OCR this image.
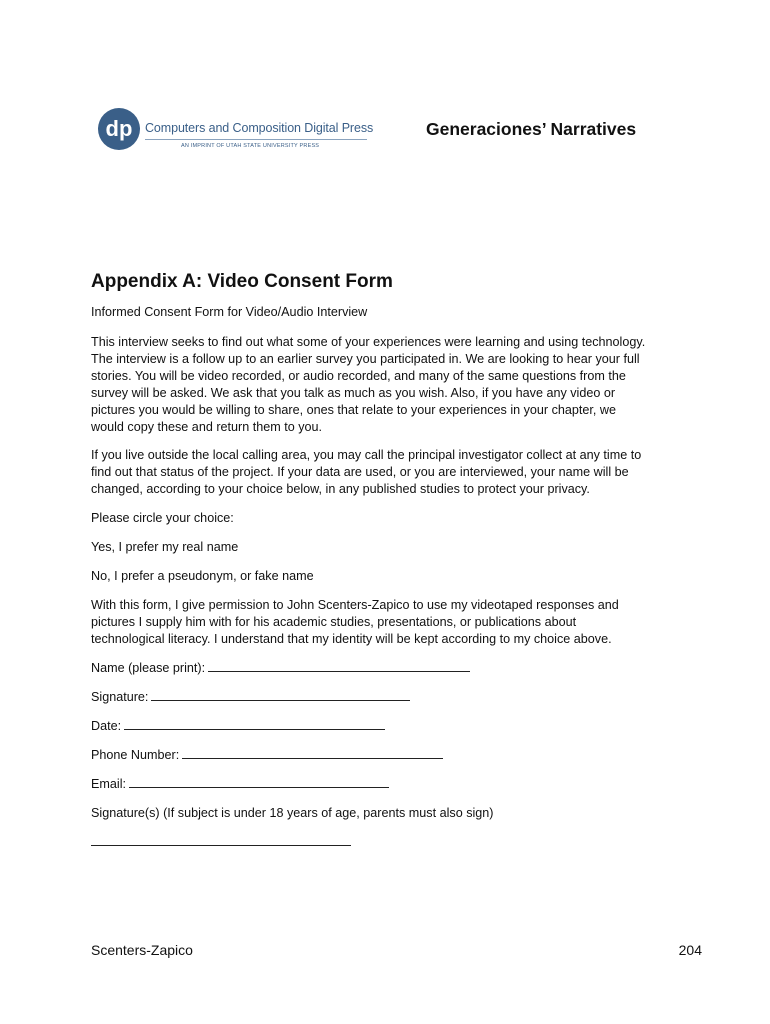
dp Computers and Composition Digital Press
AN IMPRINT OF UTAH STATE UNIVERSITY PRESS
Generaciones’ Narratives
Appendix A: Video Consent Form
Informed Consent Form for Video/Audio Interview
This interview seeks to find out what some of your experiences were learning and using technology.
The interview is a follow up to an earlier survey you participated in. We are looking to hear your full
stories. You will be video recorded, or audio recorded, and many of the same questions from the
survey will be asked. We ask that you talk as much as you wish. Also, if you have any video or
pictures you would be willing to share, ones that relate to your experiences in your chapter, we
would copy these and return them to you.
If you live outside the local calling area, you may call the principal investigator collect at any time to
find out that status of the project. If your data are used, or you are interviewed, your name will be
changed, according to your choice below, in any published studies to protect your privacy.
Please circle your choice:
Yes, I prefer my real name
No, I prefer a pseudonym, or fake name
With this form, I give permission to John Scenters-Zapico to use my videotaped responses and
pictures I supply him with for his academic studies, presentations, or publications about
technological literacy. I understand that my identity will be kept according to my choice above.
Name (please print):
Signature:
Date:
Phone Number:
Email:
Signature(s) (If subject is under 18 years of age, parents must also sign)
Scenters-Zapico	204
